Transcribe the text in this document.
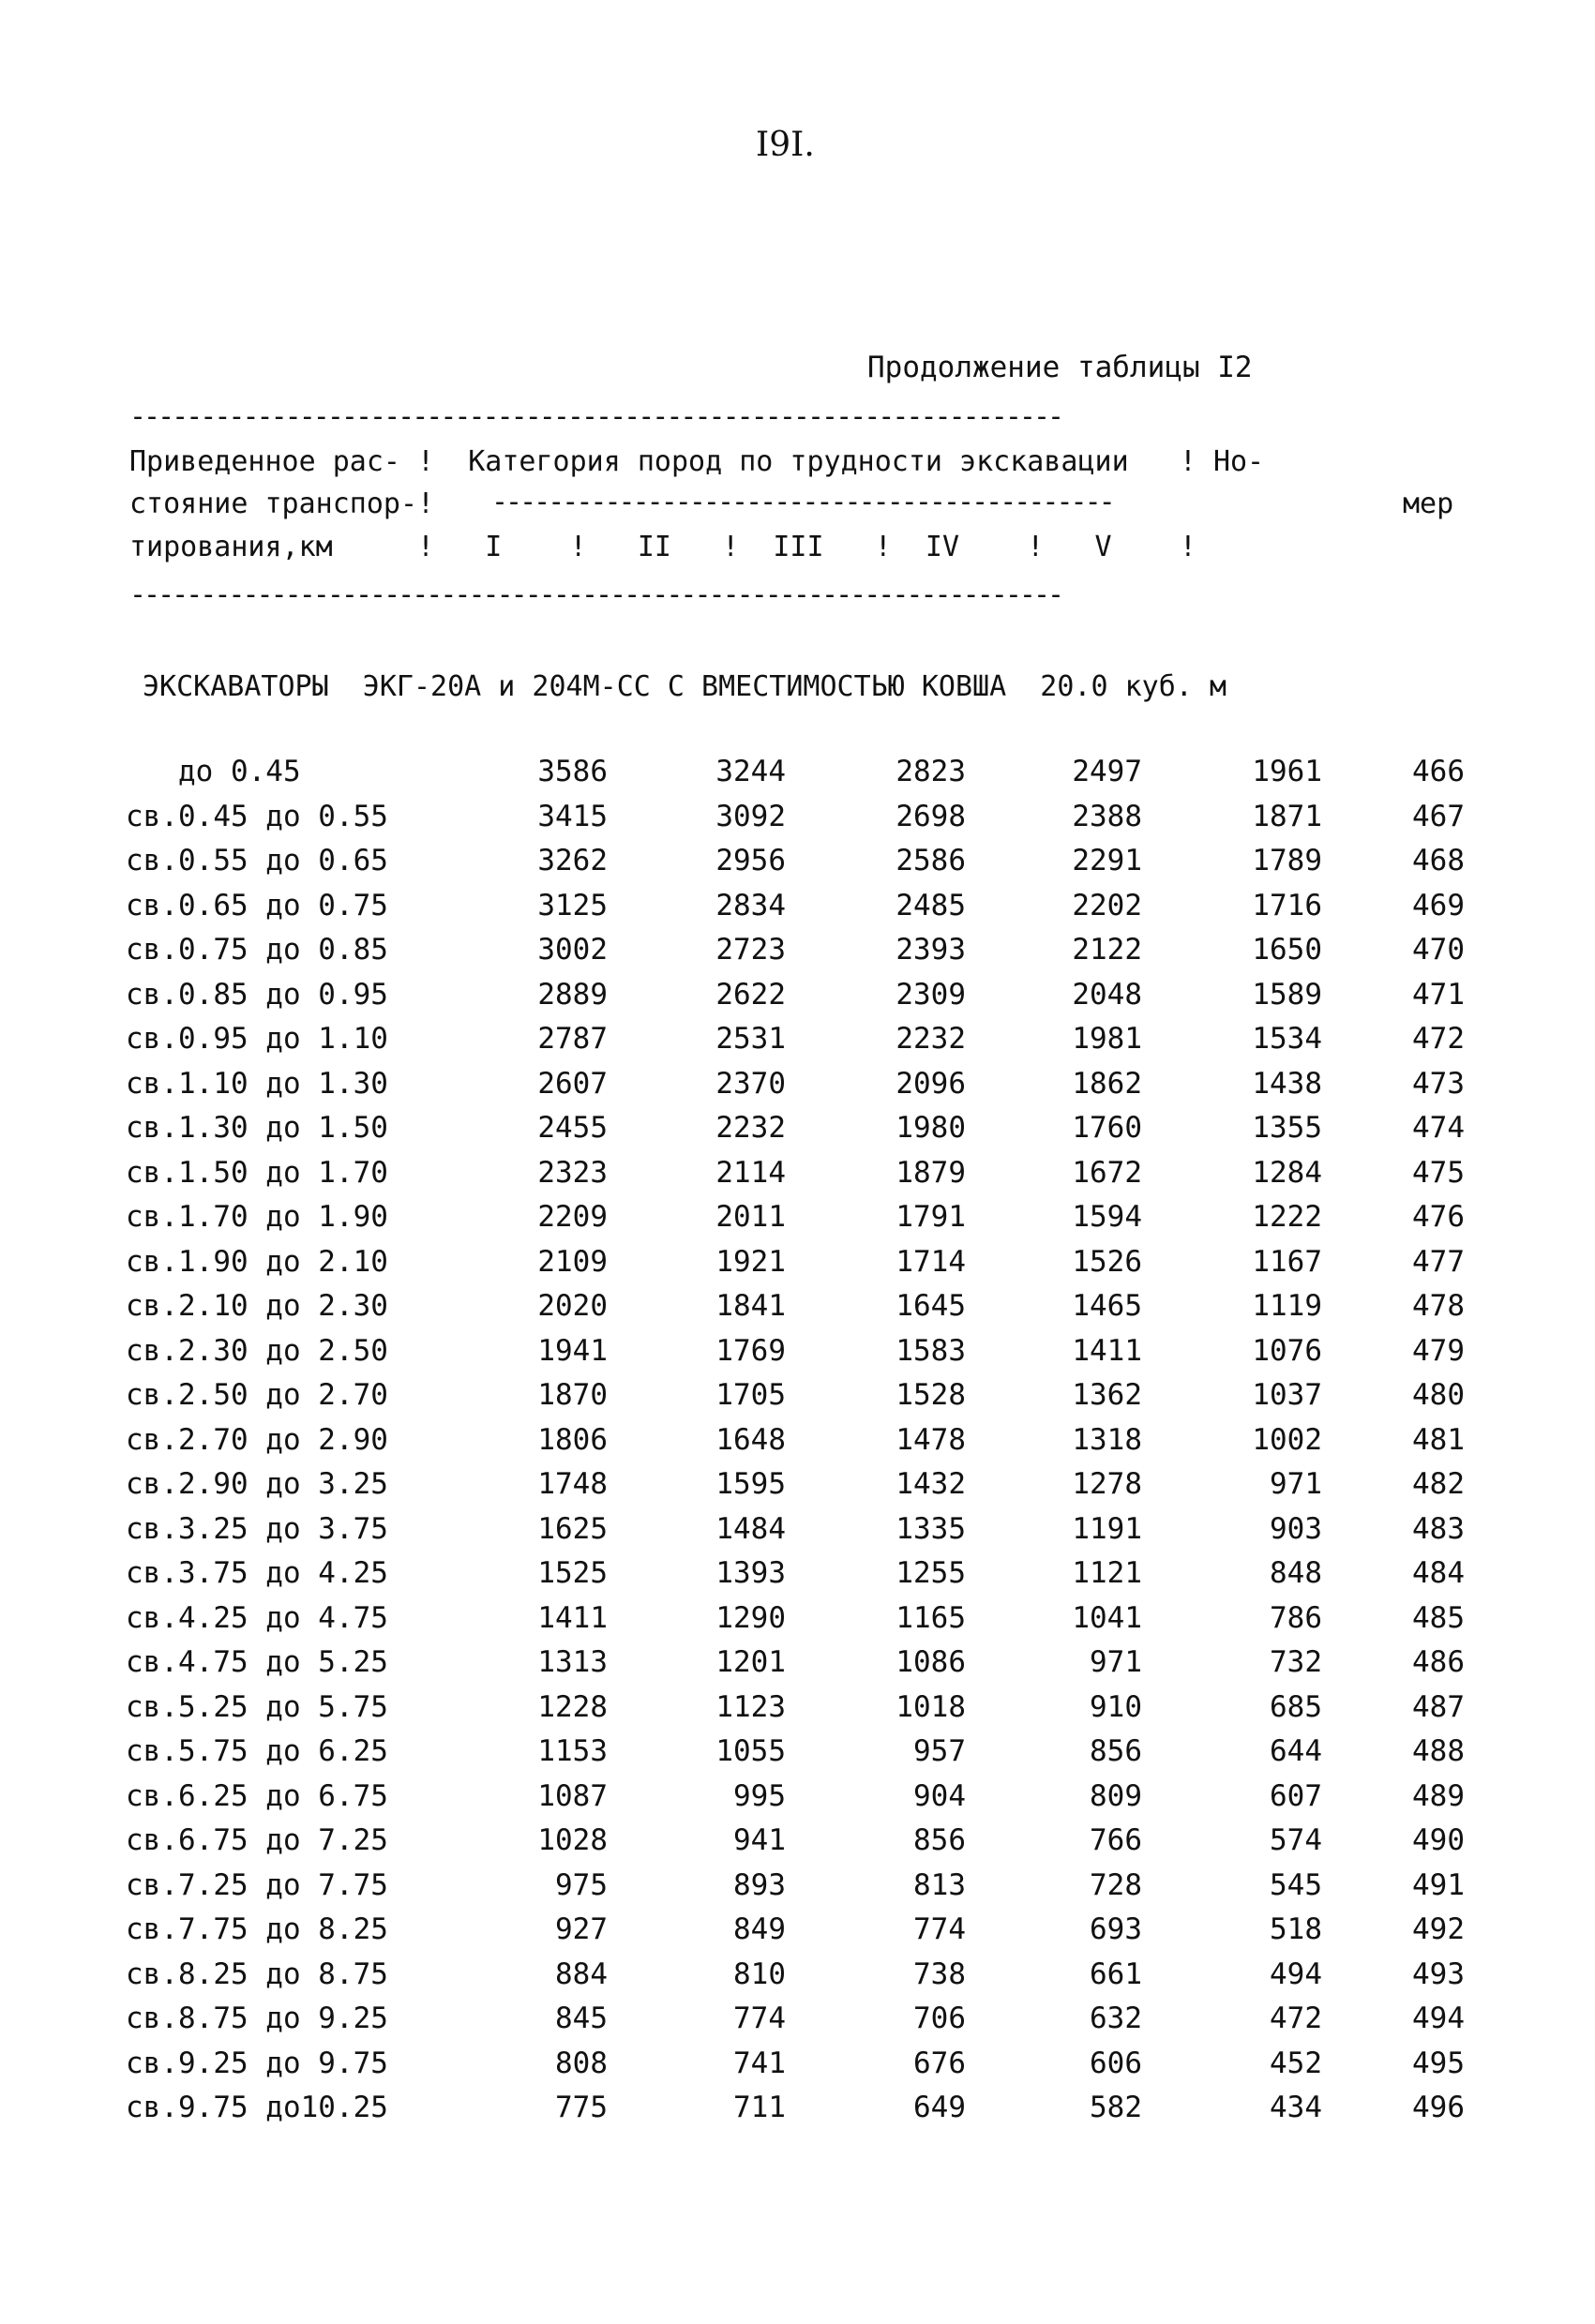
I9I.
Продолжение таблицы I2
------------------------------------------------------------------
Приведенное рас- !  Категория пород по трудности экскавации   ! Но-
стояние транспор-! --------------------------------------------	мер
тирования,км     !   I    !   II   !  III   !  IV    !   V    !
------------------------------------------------------------------
ЭКСКАВАТОРЫ  ЭКГ-20А и 204М-СС С ВМЕСТИМОСТЬЮ КОВША  20.0 куб. м
до 0.45	3586	3244	2823	2497	1961	466
св.0.45 до 0.55	3415	3092	2698	2388	1871	467
св.0.55 до 0.65	3262	2956	2586	2291	1789	468
св.0.65 до 0.75	3125	2834	2485	2202	1716	469
св.0.75 до 0.85	3002	2723	2393	2122	1650	470
св.0.85 до 0.95	2889	2622	2309	2048	1589	471
св.0.95 до 1.10	2787	2531	2232	1981	1534	472
св.1.10 до 1.30	2607	2370	2096	1862	1438	473
св.1.30 до 1.50	2455	2232	1980	1760	1355	474
св.1.50 до 1.70	2323	2114	1879	1672	1284	475
св.1.70 до 1.90	2209	2011	1791	1594	1222	476
св.1.90 до 2.10	2109	1921	1714	1526	1167	477
св.2.10 до 2.30	2020	1841	1645	1465	1119	478
св.2.30 до 2.50	1941	1769	1583	1411	1076	479
св.2.50 до 2.70	1870	1705	1528	1362	1037	480
св.2.70 до 2.90	1806	1648	1478	1318	1002	481
св.2.90 до 3.25	1748	1595	1432	1278	971	482
св.3.25 до 3.75	1625	1484	1335	1191	903	483
св.3.75 до 4.25	1525	1393	1255	1121	848	484
св.4.25 до 4.75	1411	1290	1165	1041	786	485
св.4.75 до 5.25	1313	1201	1086	971	732	486
св.5.25 до 5.75	1228	1123	1018	910	685	487
св.5.75 до 6.25	1153	1055	957	856	644	488
св.6.25 до 6.75	1087	995	904	809	607	489
св.6.75 до 7.25	1028	941	856	766	574	490
св.7.25 до 7.75	975	893	813	728	545	491
св.7.75 до 8.25	927	849	774	693	518	492
св.8.25 до 8.75	884	810	738	661	494	493
св.8.75 до 9.25	845	774	706	632	472	494
св.9.25 до 9.75	808	741	676	606	452	495
св.9.75 до10.25	775	711	649	582	434	496
